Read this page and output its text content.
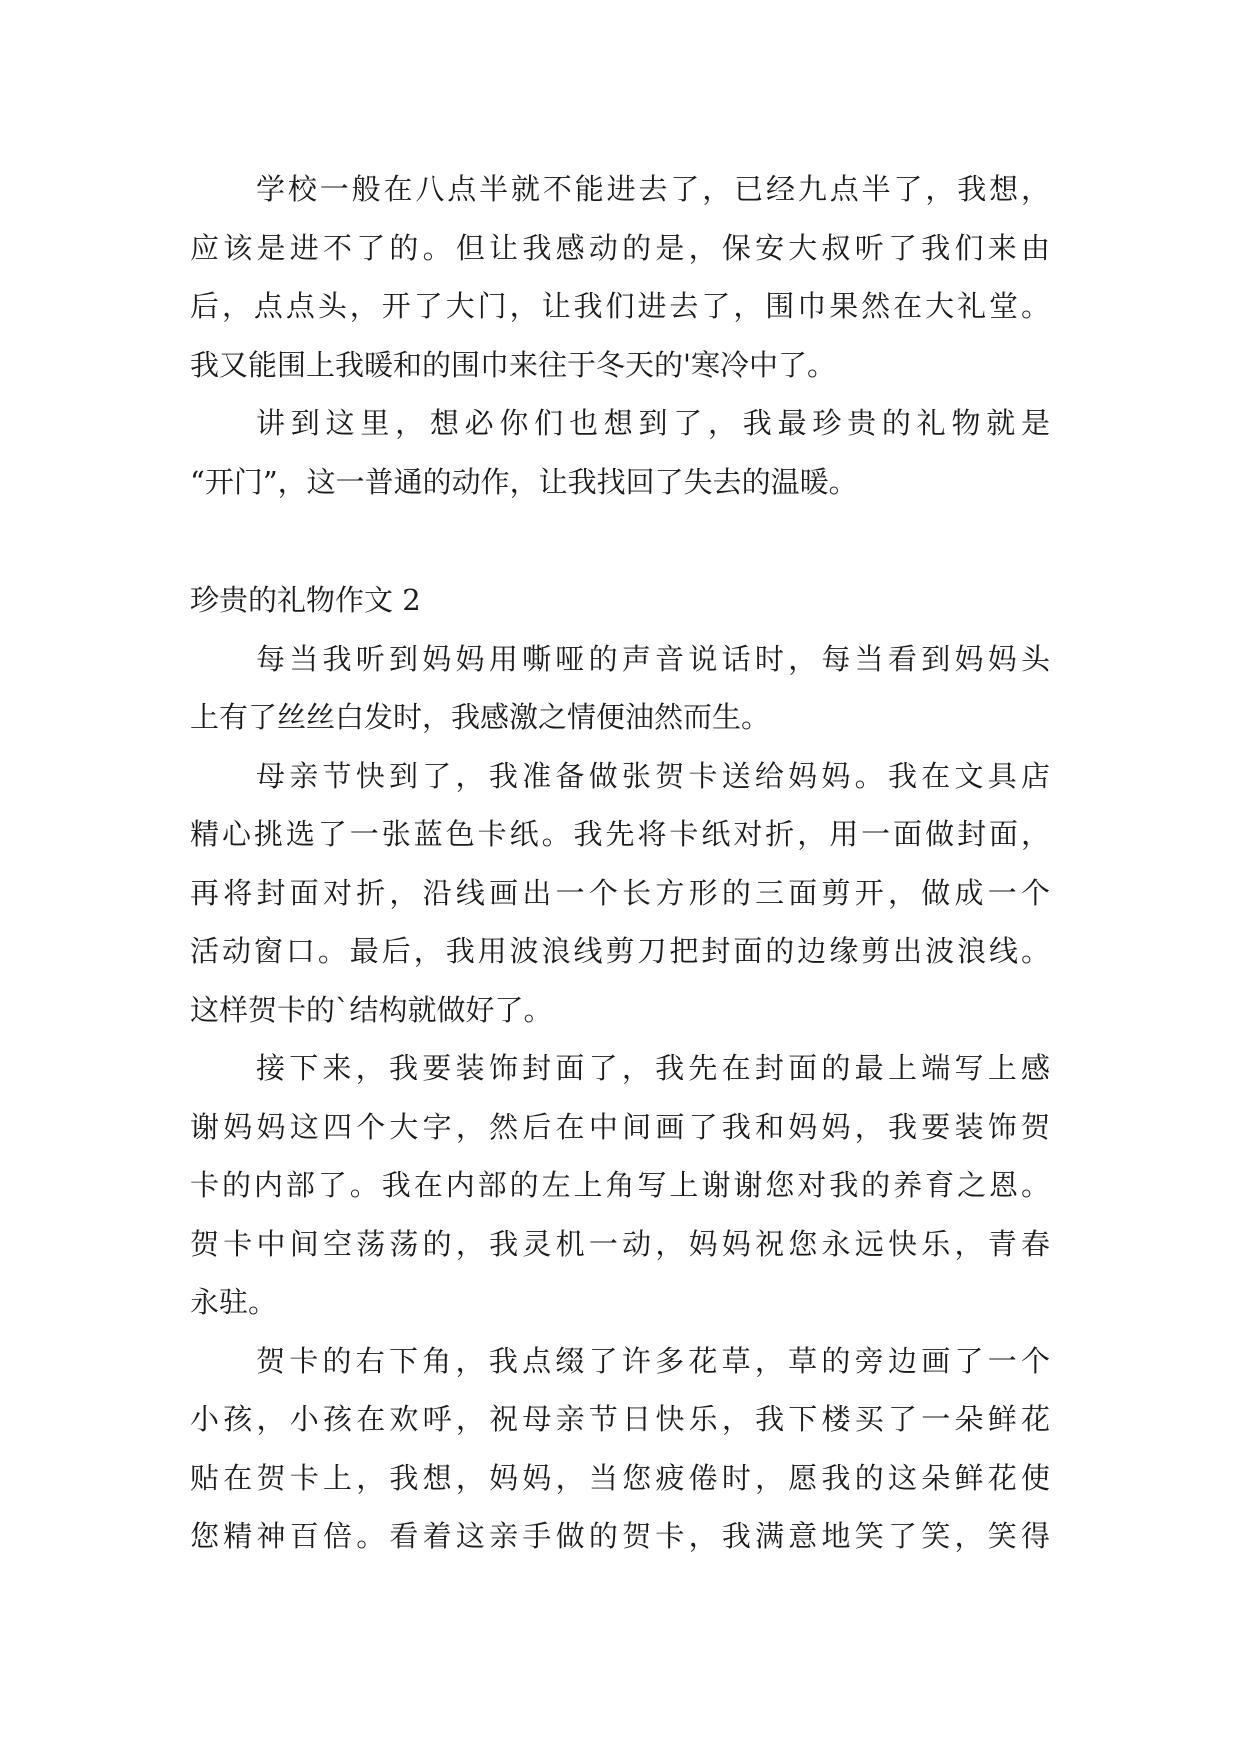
学校一般在八点半就不能进去了，已经九点半了，我想，
应该是进不了的。但让我感动的是，保安大叔听了我们来由
后，点点头，开了大门，让我们进去了，围巾果然在大礼堂。
我又能围上我暖和的围巾来往于冬天的'寒冷中了。
讲到这里，想必你们也想到了，我最珍贵的礼物就是
“开门”，这一普通的动作，让我找回了失去的温暖。
珍贵的礼物作文 2
每当我听到妈妈用嘶哑的声音说话时，每当看到妈妈头
上有了丝丝白发时，我感激之情便油然而生。
母亲节快到了，我准备做张贺卡送给妈妈。我在文具店
精心挑选了一张蓝色卡纸。我先将卡纸对折，用一面做封面，
再将封面对折，沿线画出一个长方形的三面剪开，做成一个
活动窗口。最后，我用波浪线剪刀把封面的边缘剪出波浪线。
这样贺卡的`结构就做好了。
接下来，我要装饰封面了，我先在封面的最上端写上感
谢妈妈这四个大字，然后在中间画了我和妈妈，我要装饰贺
卡的内部了。我在内部的左上角写上谢谢您对我的养育之恩。
贺卡中间空荡荡的，我灵机一动，妈妈祝您永远快乐，青春
永驻。
贺卡的右下角，我点缀了许多花草，草的旁边画了一个
小孩，小孩在欢呼，祝母亲节日快乐，我下楼买了一朵鲜花
贴在贺卡上，我想，妈妈，当您疲倦时，愿我的这朵鲜花使
您精神百倍。看着这亲手做的贺卡，我满意地笑了笑，笑得
